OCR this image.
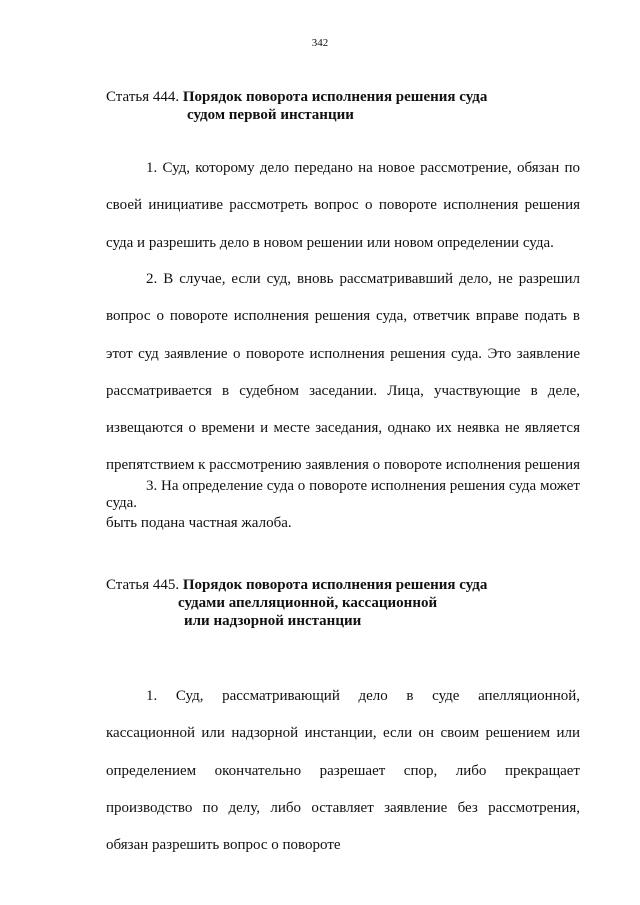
342
Статья 444. Порядок поворота исполнения решения суда
судом первой инстанции

1. Суд, которому дело передано на новое рассмотрение, обязан по своей инициативе рассмотреть вопрос о повороте исполнения решения суда и разрешить дело в новом решении или новом определении суда.

2. В случае, если суд, вновь рассматривавший дело, не разрешил вопрос о повороте исполнения решения суда, ответчик вправе подать в этот суд заявление о повороте исполнения решения суда. Это заявление рассматривается в судебном заседании. Лица, участвующие в деле, извещаются о времени и месте заседания, однако их неявка не является препятствием к рассмотрению заявления о повороте исполнения решения суда.

3. На определение суда о повороте исполнения решения суда может быть подана частная жалоба.

Статья 445. Порядок поворота исполнения решения суда
судами апелляционной, кассационной
или надзорной инстанции

1. Суд, рассматривающий дело в суде апелляционной, кассационной или надзорной инстанции, если он своим решением или определением окончательно разрешает спор, либо прекращает производство по делу, либо оставляет заявление без рассмотрения, обязан разрешить вопрос о повороте
